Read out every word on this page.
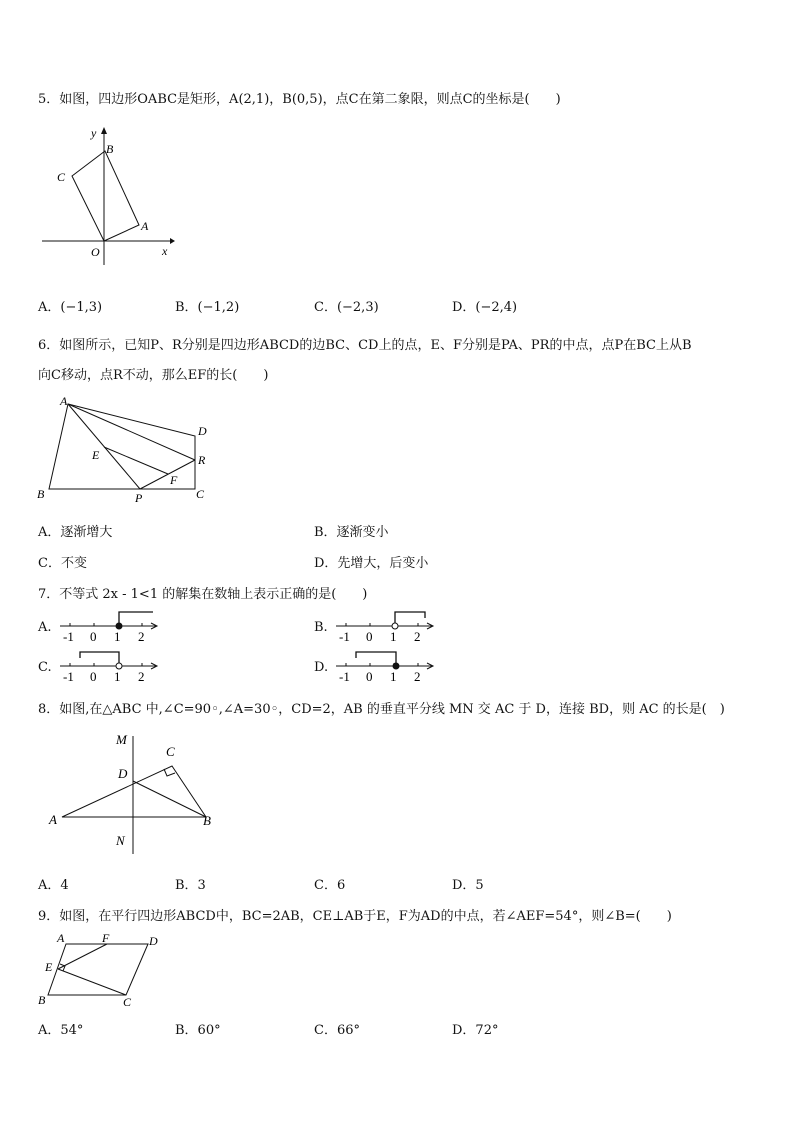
5．如图，四边形OABC是矩形，A(2,1)，B(0,5)，点C在第二象限，则点C的坐标是(　　)
y
x
B
C
A
O
A．(−1,3)	B．(−1,2)	C．(−2,3)	D．(−2,4)
6．如图所示，已知P、R分别是四边形ABCD的边BC、CD上的点，E、F分别是PA、PR的中点，点P在BC上从B
向C移动，点R不动，那么EF的长(　　)
A
D
E	R
F
B	P	C
A．逐渐增大	B．逐渐变小
C．不变	D．先增大，后变小
7．不等式 2x - 1<1 的解集在数轴上表示正确的是(　　)
A.
-1 0 1 2
B.
-1 0 1 2
C.
-1 0 1 2
D.
-1 0 1 2
8．如图,在△ABC 中,∠C=90◦,∠A=30◦，CD=2，AB 的垂直平分线 MN 交 AC 于 D，连接 BD，则 AC 的长是(　)
M
C
D
A	B
N
A．4	B．3	C．6	D．5
9．如图，在平行四边形ABCD中，BC=2AB，CE⊥AB于E，F为AD的中点，若∠AEF=54°，则∠B=(　　)
A	F	D
E
B	C
A．54°	B．60°	C．66°	D．72°
